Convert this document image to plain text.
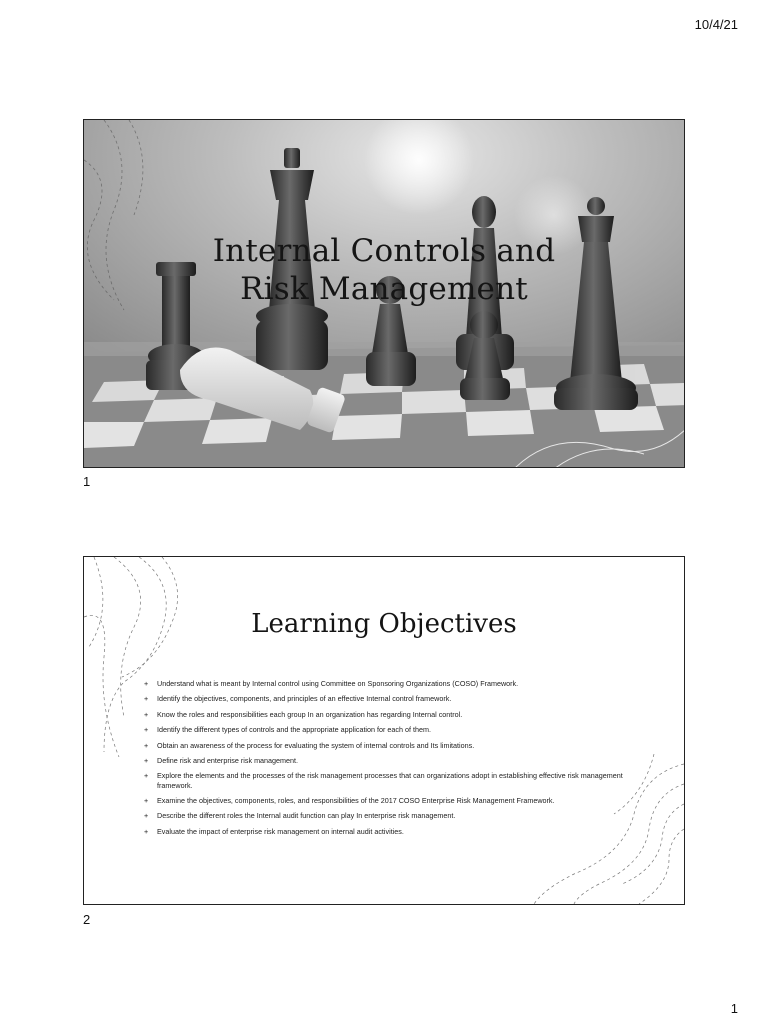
10/4/21
Internal Controls and
Risk Management
1
Learning Objectives
+ Understand what is meant by Internal control using Committee on Sponsoring Organizations (COSO) Framework.
+ Identify the objectives, components, and principles of an effective Internal control framework.
+ Know the roles and responsibilities each group In an organization has regarding Internal control.
+ Identify the different types of controls and the appropriate application for each of them.
+ Obtain an awareness of the process for evaluating the system of internal controls and Its limitations.
+ Define risk and enterprise risk management.
+ Explore the elements and the processes of the risk management processes that can organizations adopt in establishing effective risk management framework.
+ Examine the objectives, components, roles, and responsibilities of the 2017 COSO Enterprise Risk Management Framework.
+ Describe the different roles the Internal audit function can play In enterprise risk management.
+ Evaluate the impact of enterprise risk management on internal audit activities.
2
1
